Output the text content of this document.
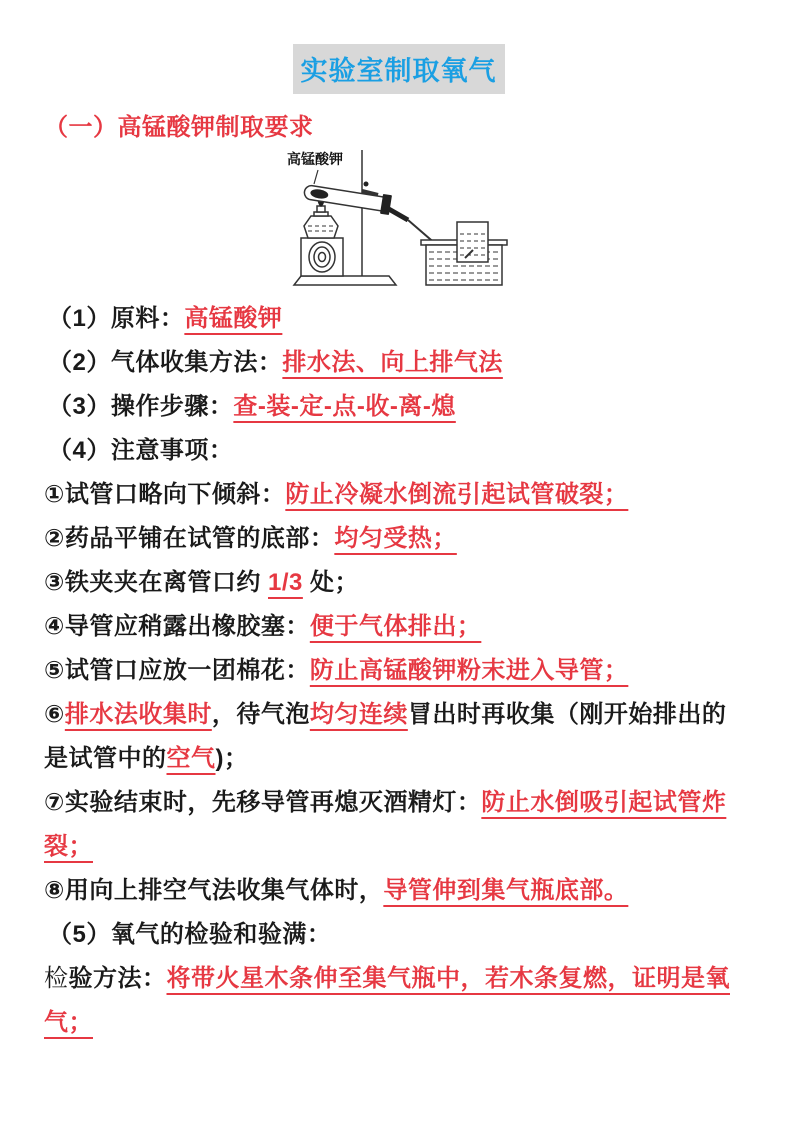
实验室制取氧气
（一）高锰酸钾制取要求
高锰酸钾

（1）原料：高锰酸钾

（2）气体收集方法：排水法、向上排气法

（3）操作步骤：查-装-定-点-收-离-熄

（4）注意事项：

①试管口略向下倾斜：防止冷凝水倒流引起试管破裂；

②药品平铺在试管的底部：均匀受热；

③铁夹夹在离管口约 1/3 处；

④导管应稍露出橡胶塞：便于气体排出；

⑤试管口应放一团棉花：防止高锰酸钾粉末进入导管；

⑥排水法收集时，待气泡均匀连续冒出时再收集（刚开始排出的
是试管中的空气)；

⑦实验结束时，先移导管再熄灭酒精灯：防止水倒吸引起试管炸
裂；

⑧用向上排空气法收集气体时，导管伸到集气瓶底部。

（5）氧气的检验和验满：

检验方法：将带火星木条伸至集气瓶中，若木条复燃，证明是氧
气；
